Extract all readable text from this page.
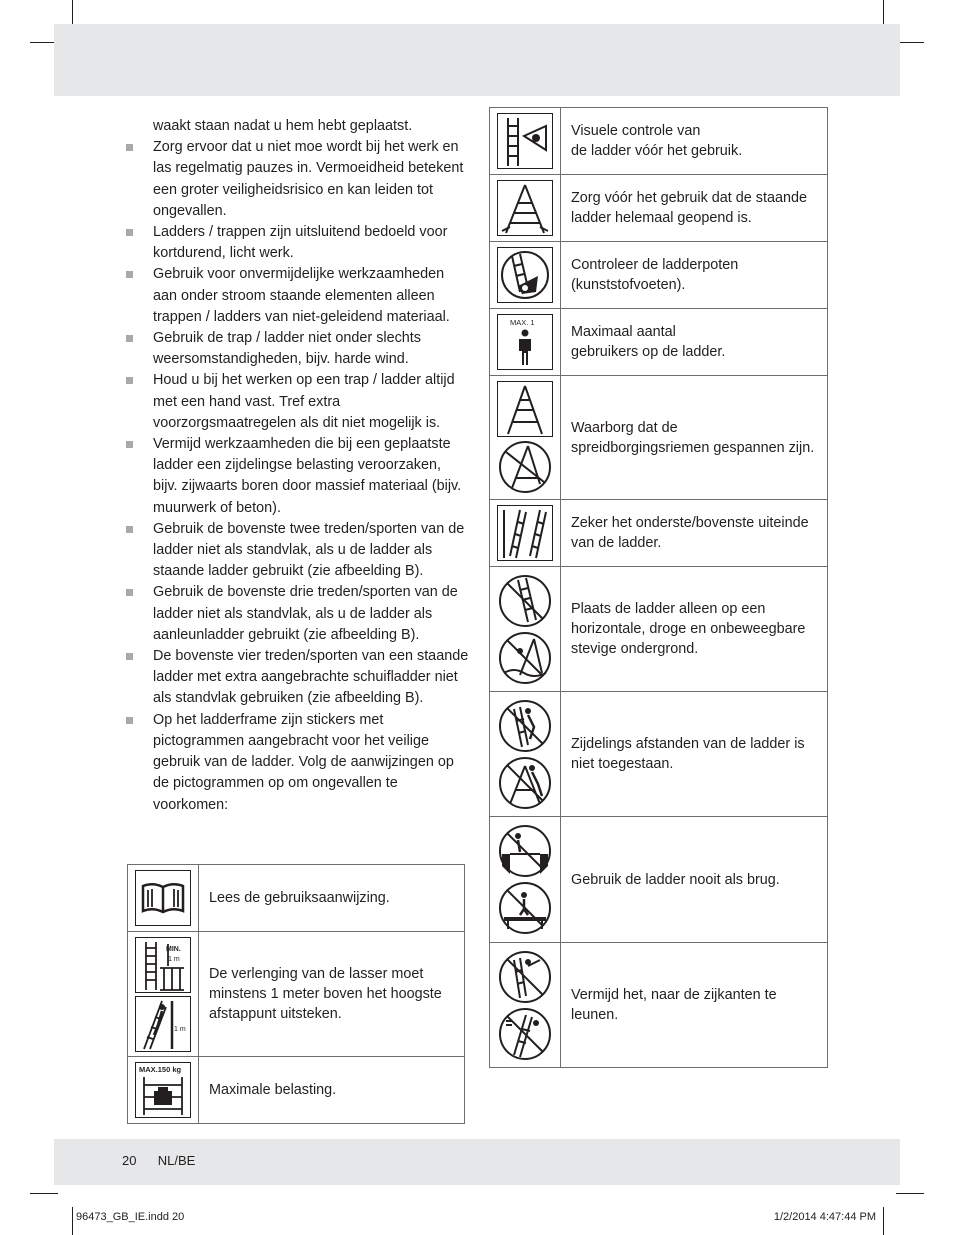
20 NL/BE
96473_GB_IE.indd 20	1/2/2014 4:47:44 PM

waakt staan nadat u hem hebt geplaatst.

Zorg ervoor dat u niet moe wordt bij het werk en las regelmatig pauzes in. Vermoeidheid betekent een groter veiligheidsrisico en kan leiden tot ongevallen.

Ladders / trappen zijn uitsluitend bedoeld voor kortdurend, licht werk.

Gebruik voor onvermijdelijke werkzaamheden aan onder stroom staande elementen alleen trappen / ladders van niet-geleidend materiaal.

Gebruik de trap / ladder niet onder slechts weersomstandigheden, bijv. harde wind.

Houd u bij het werken op een trap / ladder altijd met een hand vast. Tref extra voorzorgsmaatregelen als dit niet mogelijk is.

Vermijd werkzaamheden die bij een geplaatste ladder een zijdelingse belasting veroorzaken, bijv. zijwaarts boren door massief materiaal (bijv. muurwerk of beton).

Gebruik de bovenste twee treden/sporten van de ladder niet als standvlak, als u de ladder als staande ladder gebruikt (zie afbeelding B).

Gebruik de bovenste drie treden/sporten van de ladder niet als standvlak, als u de ladder als aanleunladder gebruikt (zie afbeelding B).

De bovenste vier treden/sporten van een staande ladder met extra aangebrachte schuifladder niet als standvlak gebruiken (zie afbeelding B).

Op het ladderframe zijn stickers met pictogrammen aangebracht voor het veilige gebruik van de ladder. Volg de aanwijzingen op de pictogrammen op om ongevallen te voorkomen:

	Lees de gebruiksaanwijzing.

MIN.
1 m
1 m	De verlenging van de lasser moet minstens 1 meter boven het hoogste afstappunt uitsteken.

MAX.150 kg	Maximale belasting.
	Visuele controle van
de ladder vóór het gebruik.

	Zorg vóór het gebruik dat de staande ladder helemaal geopend is.

	Controleer de ladderpoten (kunststofvoeten).

MAX. 1	Maximaal aantal
gebruikers op de ladder.

	Waarborg dat de
spreidborgingsriemen gespannen zijn.

	Zeker het onderste/bovenste uiteinde van de ladder.

	Plaats de ladder alleen op een horizontale, droge en onbeweegbare stevige ondergrond.

	Zijdelings afstanden van de ladder is niet toegestaan.

	Gebruik de ladder nooit als brug.

	Vermijd het, naar de zijkanten te leunen.
